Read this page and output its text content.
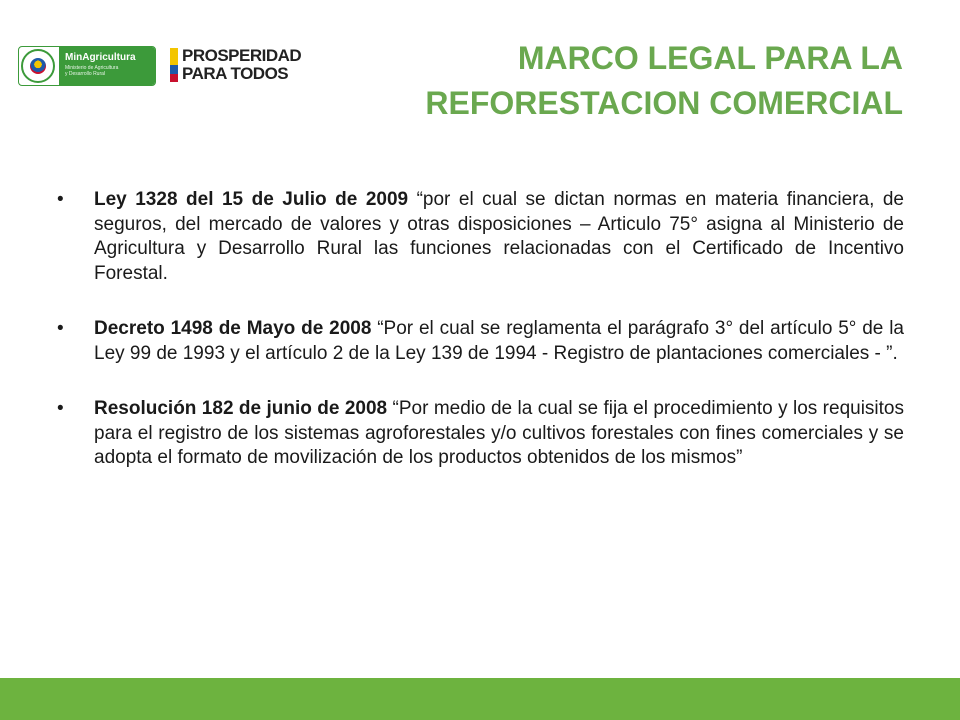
MinAgricultura
Ministerio de Agricultura
y Desarrollo Rural
PROSPERIDAD
PARA TODOS	MARCO LEGAL PARA LA
REFORESTACION COMERCIAL
• Ley 1328 del 15 de Julio de 2009 “por el cual se dictan normas en materia financiera, de seguros, del mercado de valores y otras disposiciones – Articulo 75° asigna al Ministerio de Agricultura y Desarrollo Rural las funciones relacionadas con el Certificado de Incentivo Forestal.
• Decreto 1498 de Mayo de 2008 “Por el cual se reglamenta el parágrafo 3° del artículo 5° de la Ley 99 de 1993 y el artículo 2 de la Ley 139 de 1994 - Registro de plantaciones comerciales - ”.
• Resolución 182 de junio de 2008 “Por medio de la cual se fija el procedimiento y los requisitos para el registro de los sistemas agroforestales y/o cultivos forestales con fines comerciales y se adopta el formato de movilización de los productos obtenidos de los mismos”
